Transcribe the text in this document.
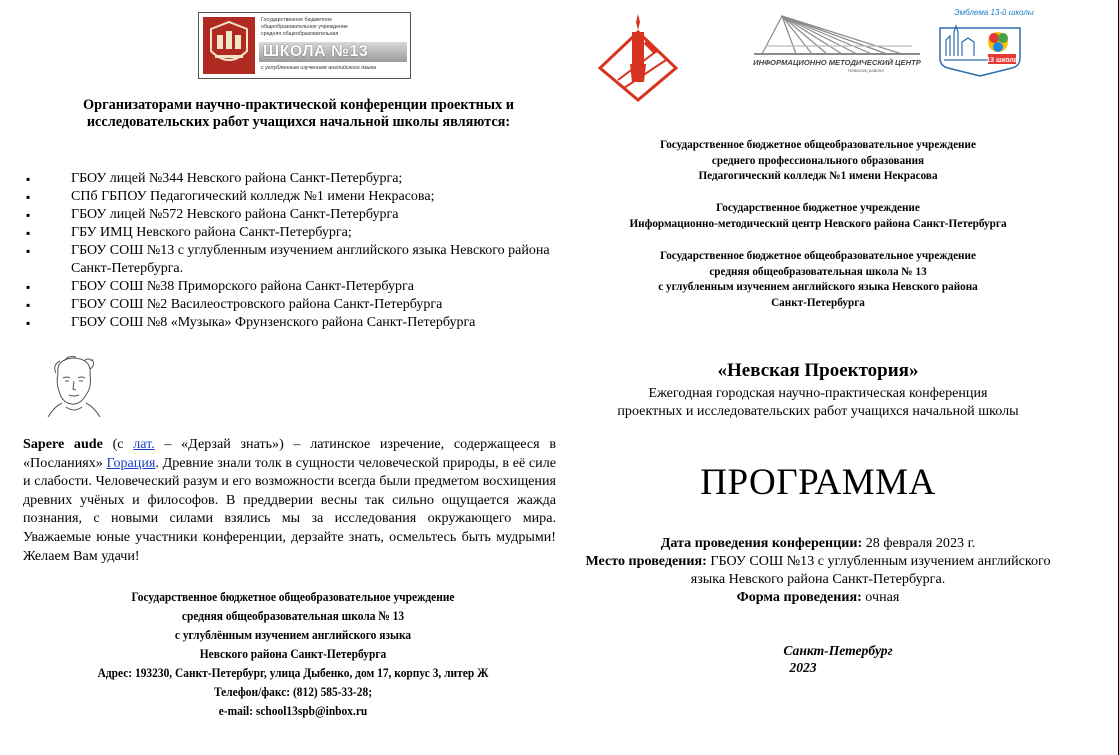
Государственное бюджетное
общеобразовательное учреждение
средняя общеобразовательная
ШКОЛА №13
с углубленным изучением английского языка
Организаторами научно-практической конференции проектных и исследовательских работ учащихся начальной школы являются:
▪ ГБОУ лицей №344 Невского района Санкт-Петербурга;
▪ СПб ГБПОУ Педагогический колледж №1 имени Некрасова;
▪ ГБОУ лицей №572 Невского района Санкт-Петербурга
▪ ГБУ ИМЦ Невского района Санкт-Петербурга;
▪ ГБОУ СОШ №13 с углубленным изучением английского языка Невского района Санкт-Петербурга.
▪ ГБОУ СОШ №38 Приморского района Санкт-Петербурга
▪ ГБОУ СОШ №2 Василеостровского района Санкт-Петербурга
▪ ГБОУ СОШ №8 «Музыка» Фрунзенского района Санкт-Петербурга
Sapere aude (с лат. – «Дерзай знать») – латинское изречение, содержащееся в «Посланиях» Горация. Древние знали толк в сущности человеческой природы, в её силе и слабости. Человеческий разум и его возможности всегда были предметом восхищения древних учёных и философов. В преддверии весны так сильно ощущается жажда познания, с новыми силами взялись мы за исследования окружающего мира. Уважаемые юные участники конференции, дерзайте знать, осмельтесь быть мудрыми! Желаем Вам удачи!
Государственное бюджетное общеобразовательное учреждение
средняя общеобразовательная школа № 13
с углублённым изучением английского языка
Невского района Санкт-Петербурга
Адрес: 193230, Санкт-Петербург, улица Дыбенко, дом 17, корпус 3, литер Ж
Телефон/факс: (812) 585-33-28;
e-mail: school13spb@inbox.ru
ИНФОРМАЦИОННО МЕТОДИЧЕСКИЙ ЦЕНТР
Невского района
Эмблема 13-й школы
13 школа
Государственное бюджетное общеобразовательное учреждение
среднего профессионального образования
Педагогический колледж №1 имени Некрасова
Государственное бюджетное учреждение
Информационно-методический центр Невского района Санкт-Петербурга
Государственное бюджетное общеобразовательное учреждение
средняя общеобразовательная школа № 13
с углубленным изучением английского языка Невского района
Санкт-Петербурга
«Невская Проектория»
Ежегодная городская научно-практическая конференция
проектных и исследовательских работ учащихся начальной школы
ПРОГРАММА
Дата проведения конференции: 28 февраля 2023 г.
Место проведения: ГБОУ СОШ №13 с углубленным изучением английского языка Невского района Санкт-Петербурга.
Форма проведения: очная
Санкт-Петербург
2023
